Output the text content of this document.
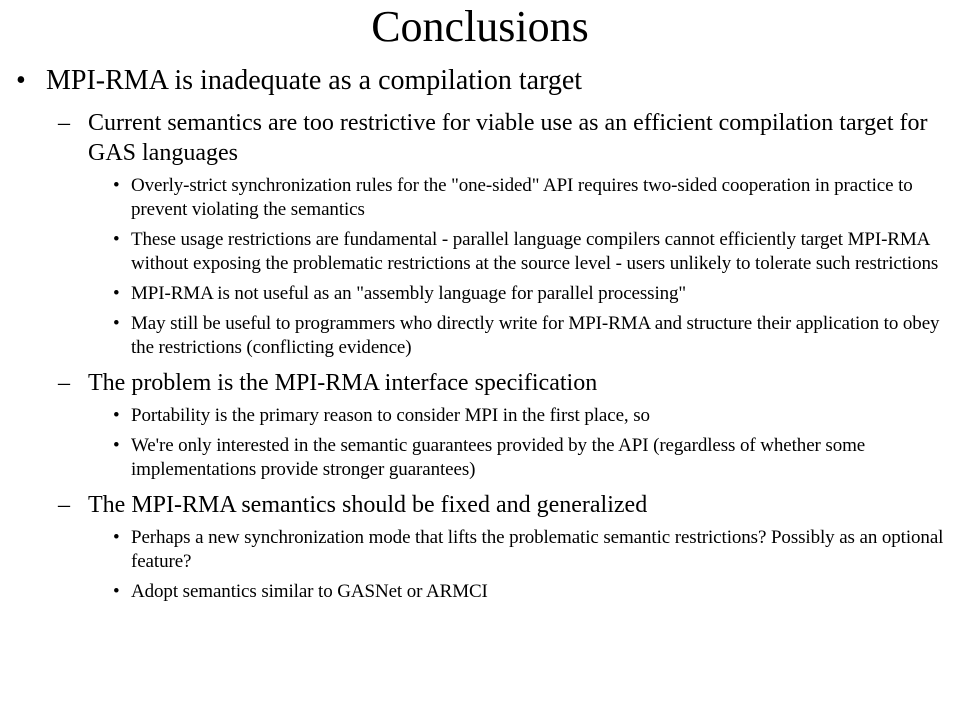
Conclusions
• MPI-RMA is inadequate as a compilation target
– Current semantics are too restrictive for viable use as an efficient compilation target for GAS languages
• Overly-strict synchronization rules for the "one-sided" API requires two-sided cooperation in practice to prevent violating the semantics
• These usage restrictions are fundamental - parallel language compilers cannot efficiently target MPI-RMA without exposing the problematic restrictions at the source level - users unlikely to tolerate such restrictions
• MPI-RMA is not useful as an "assembly language for parallel processing"
• May still be useful to programmers who directly write for MPI-RMA and structure their application to obey the restrictions (conflicting evidence)
– The problem is the MPI-RMA interface specification
• Portability is the primary reason to consider MPI in the first place, so
• We're only interested in the semantic guarantees provided by the API (regardless of whether some implementations provide stronger guarantees)
– The MPI-RMA semantics should be fixed and generalized
• Perhaps a new synchronization mode that lifts the problematic semantic restrictions? Possibly as an optional feature?
• Adopt semantics similar to GASNet or ARMCI
